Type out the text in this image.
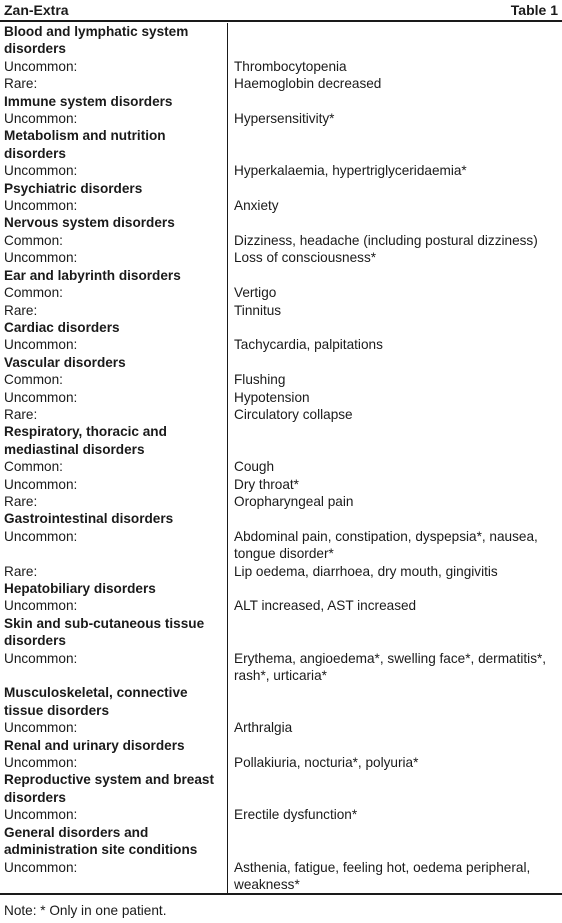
Zan-Extra	Table 1
Blood and lymphatic system disorders
Uncommon:	Thrombocytopenia
Rare:	Haemoglobin decreased
Immune system disorders
Uncommon:	Hypersensitivity*
Metabolism and nutrition disorders
Uncommon:	Hyperkalaemia, hypertriglyceridaemia*
Psychiatric disorders
Uncommon:	Anxiety
Nervous system disorders
Common:	Dizziness, headache (including postural dizziness)
Uncommon:	Loss of consciousness*
Ear and labyrinth disorders
Common:	Vertigo
Rare:	Tinnitus
Cardiac disorders
Uncommon:	Tachycardia, palpitations
Vascular disorders
Common:	Flushing
Uncommon:	Hypotension
Rare:	Circulatory collapse
Respiratory, thoracic and mediastinal disorders
Common:	Cough
Uncommon:	Dry throat*
Rare:	Oropharyngeal pain
Gastrointestinal disorders
Uncommon:	Abdominal pain, constipation, dyspepsia*, nausea, tongue disorder*
Rare:	Lip oedema, diarrhoea, dry mouth, gingivitis
Hepatobiliary disorders
Uncommon:	ALT increased, AST increased
Skin and sub-cutaneous tissue disorders
Uncommon:	Erythema, angioedema*, swelling face*, dermatitis*, rash*, urticaria*
Musculoskeletal, connective tissue disorders
Uncommon:	Arthralgia
Renal and urinary disorders
Uncommon:	Pollakiuria, nocturia*, polyuria*
Reproductive system and breast disorders
Uncommon:	Erectile dysfunction*
General disorders and administration site conditions
Uncommon:	Asthenia, fatigue, feeling hot, oedema peripheral, weakness*
Note: * Only in one patient.
